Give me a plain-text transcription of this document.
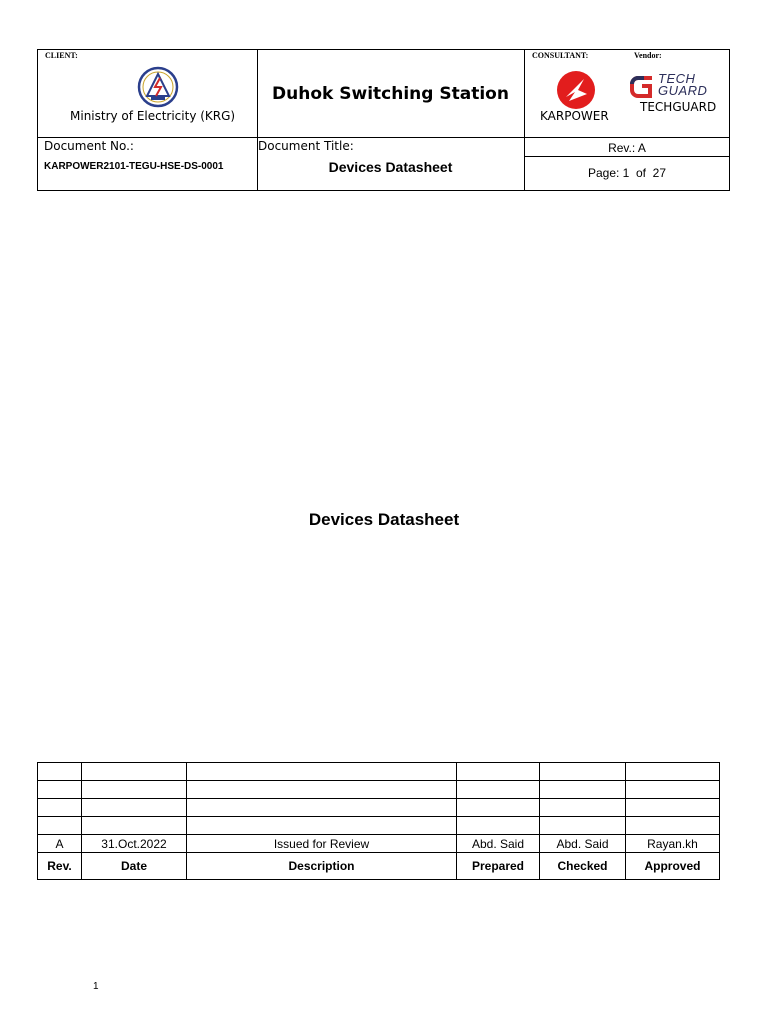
CLIENT:
Ministry of Electricity (KRG)
Duhok Switching Station
CONSULTANT:	Vendor:
KARPOWER
TECH
GUARD
TECHGUARD
Document No.:
KARPOWER2101-TEGU-HSE-DS-0001
Document Title:
Devices Datasheet
Rev.: A
Page: 1  of  27
Devices Datasheet

A	31.Oct.2022	Issued for Review	Abd. Said	Abd. Said	Rayan.kh
Rev.	Date	Description	Prepared	Checked	Approved
1
